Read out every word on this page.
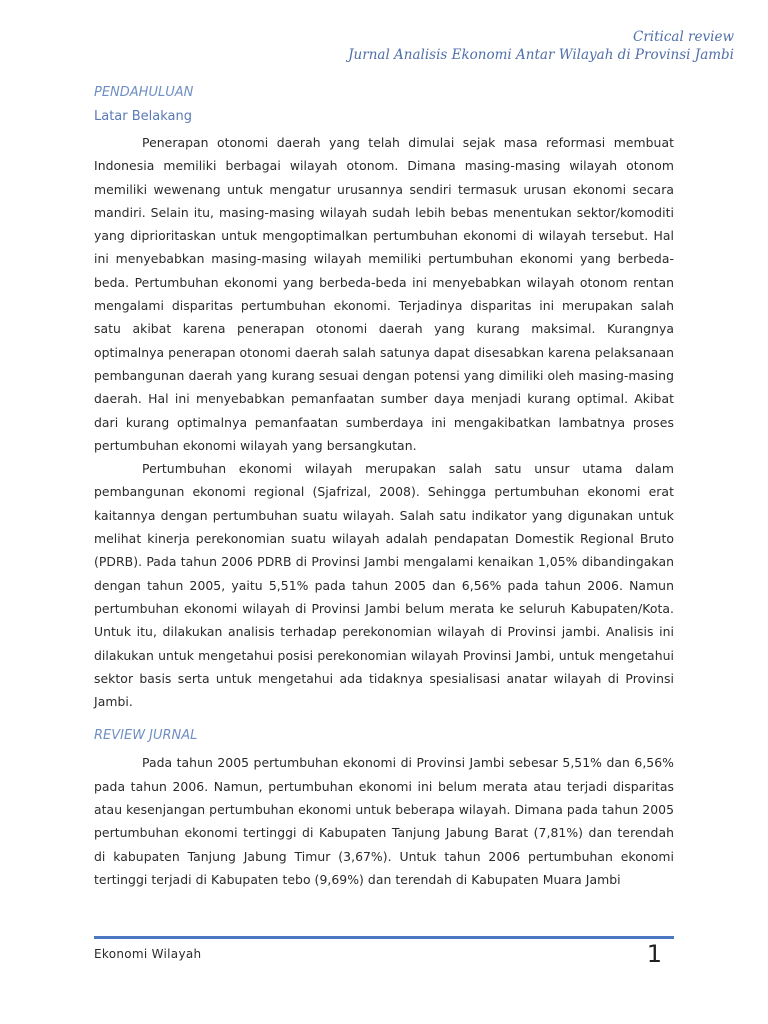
Critical review
Jurnal Analisis Ekonomi Antar Wilayah di Provinsi Jambi
PENDAHULUAN
Latar Belakang

Penerapan otonomi daerah yang telah dimulai sejak masa reformasi membuat Indonesia memiliki berbagai wilayah otonom. Dimana masing-masing wilayah otonom memiliki wewenang untuk mengatur urusannya sendiri termasuk urusan ekonomi secara mandiri. Selain itu, masing-masing wilayah sudah lebih bebas menentukan sektor/komoditi yang diprioritaskan untuk mengoptimalkan pertumbuhan ekonomi di wilayah tersebut. Hal ini menyebabkan masing-masing wilayah memiliki pertumbuhan ekonomi yang berbeda-beda. Pertumbuhan ekonomi yang berbeda-beda ini menyebabkan wilayah otonom rentan mengalami disparitas pertumbuhan ekonomi. Terjadinya disparitas ini merupakan salah satu akibat karena penerapan otonomi daerah yang kurang maksimal. Kurangnya optimalnya penerapan otonomi daerah salah satunya dapat disesabkan karena pelaksanaan pembangunan daerah yang kurang sesuai dengan potensi yang dimiliki oleh masing-masing daerah. Hal ini menyebabkan pemanfaatan sumber daya menjadi kurang optimal. Akibat dari kurang optimalnya pemanfaatan sumberdaya ini mengakibatkan lambatnya proses pertumbuhan ekonomi wilayah yang bersangkutan.

Pertumbuhan ekonomi wilayah merupakan salah satu unsur utama dalam pembangunan ekonomi regional (Sjafrizal, 2008). Sehingga pertumbuhan ekonomi erat kaitannya dengan pertumbuhan suatu wilayah. Salah satu indikator yang digunakan untuk melihat kinerja perekonomian suatu wilayah adalah pendapatan Domestik Regional Bruto (PDRB). Pada tahun 2006 PDRB di Provinsi Jambi mengalami kenaikan 1,05% dibandingakan dengan tahun 2005, yaitu 5,51% pada tahun 2005 dan 6,56% pada tahun 2006. Namun pertumbuhan ekonomi wilayah di Provinsi Jambi belum merata ke seluruh Kabupaten/Kota. Untuk itu, dilakukan analisis terhadap perekonomian wilayah di Provinsi jambi. Analisis ini dilakukan untuk mengetahui posisi perekonomian wilayah Provinsi Jambi, untuk mengetahui sektor basis serta untuk mengetahui ada tidaknya spesialisasi anatar wilayah di Provinsi Jambi.

REVIEW JURNAL

Pada tahun 2005 pertumbuhan ekonomi di Provinsi Jambi sebesar 5,51% dan 6,56% pada tahun 2006. Namun, pertumbuhan ekonomi ini belum merata atau terjadi disparitas atau kesenjangan pertumbuhan ekonomi untuk beberapa wilayah. Dimana pada tahun 2005 pertumbuhan ekonomi tertinggi di Kabupaten Tanjung Jabung Barat (7,81%) dan terendah di kabupaten Tanjung Jabung Timur (3,67%). Untuk tahun 2006 pertumbuhan ekonomi tertinggi terjadi di Kabupaten tebo (9,69%) dan terendah di Kabupaten Muara Jambi

Ekonomi Wilayah	1
